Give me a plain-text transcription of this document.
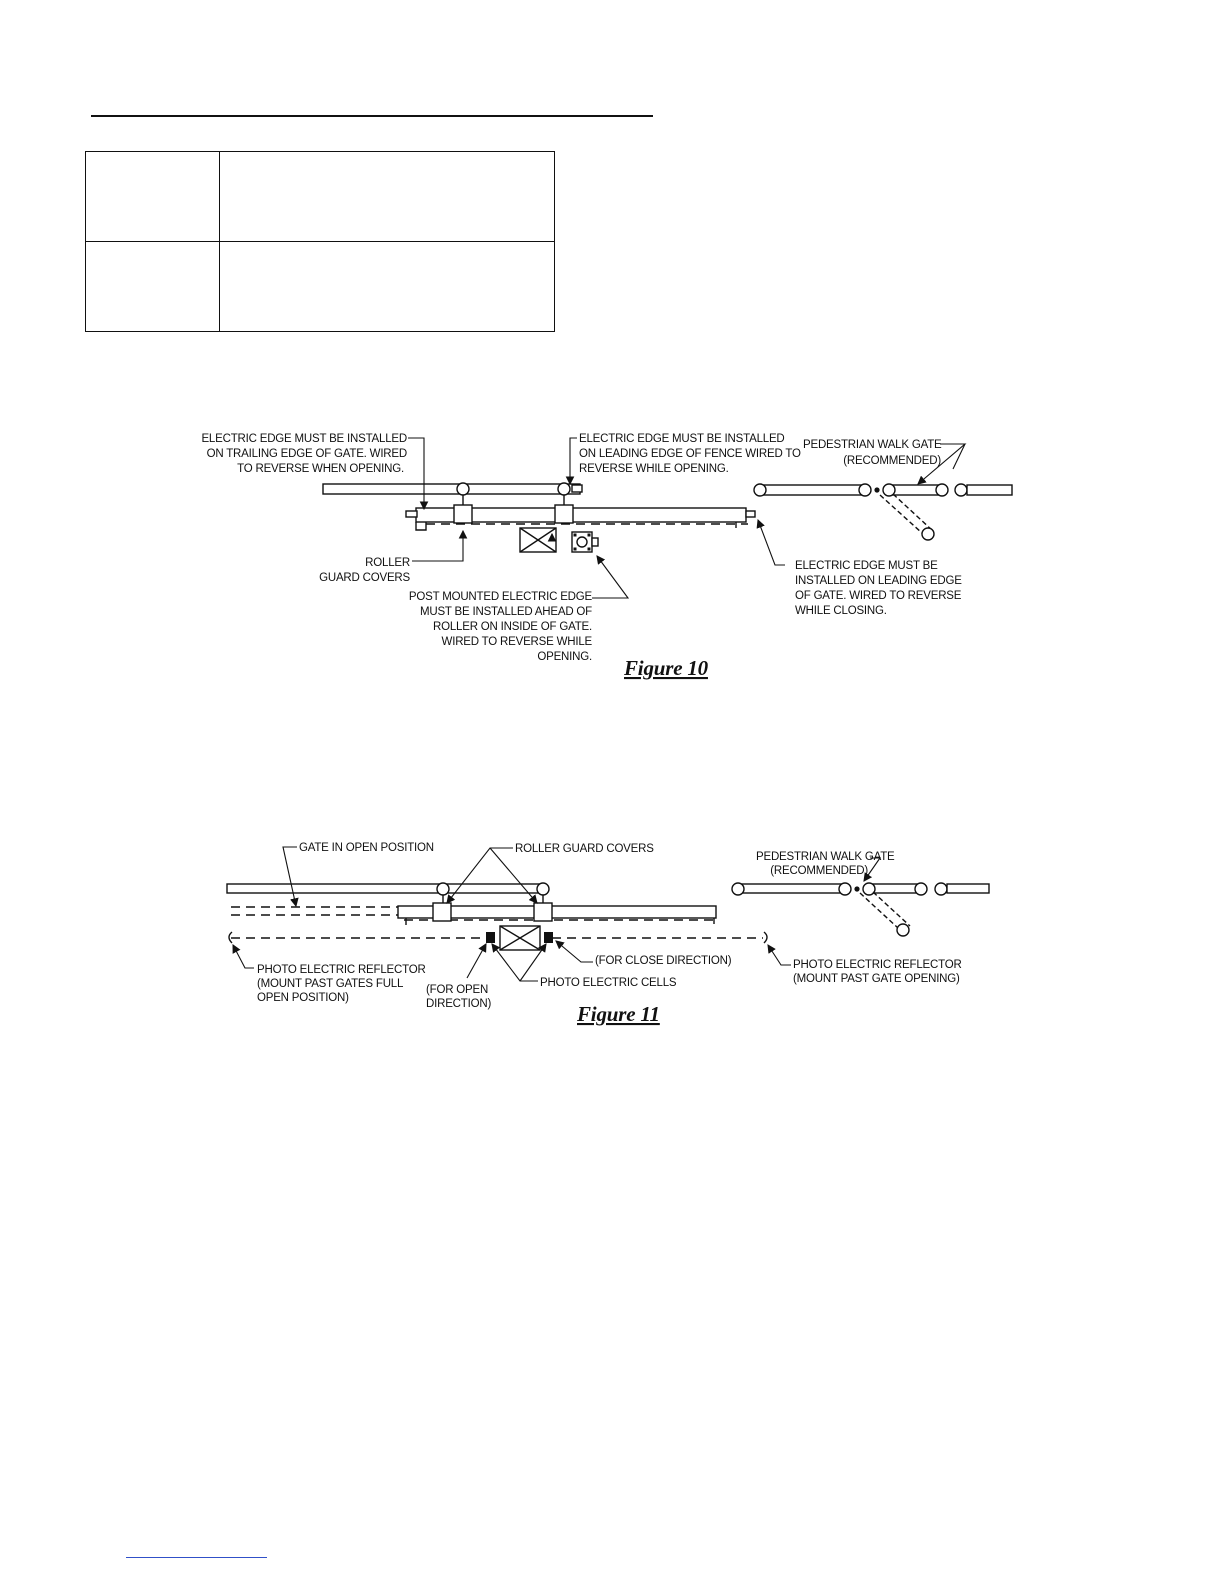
ELECTRIC EDGE MUST BE INSTALLED
ON TRAILING EDGE OF GATE. WIRED
TO REVERSE WHEN OPENING.
ELECTRIC EDGE MUST BE INSTALLED
ON LEADING EDGE OF FENCE WIRED TO
REVERSE WHILE OPENING.
PEDESTRIAN WALK GATE
(RECOMMENDED)
ROLLER
GUARD COVERS
POST MOUNTED ELECTRIC EDGE
MUST BE INSTALLED AHEAD OF
ROLLER ON INSIDE OF GATE.
WIRED TO REVERSE WHILE
OPENING.
ELECTRIC EDGE MUST BE
INSTALLED ON LEADING EDGE
OF GATE. WIRED TO REVERSE
WHILE CLOSING.
Figure 10
GATE IN OPEN POSITION	ROLLER GUARD COVERS
PEDESTRIAN WALK GATE
(RECOMMENDED)
(FOR CLOSE DIRECTION)
PHOTO ELECTRIC CELLS
(FOR OPEN
DIRECTION)
PHOTO ELECTRIC REFLECTOR
(MOUNT PAST GATES FULL
OPEN POSITION)
PHOTO ELECTRIC REFLECTOR
(MOUNT PAST GATE OPENING)
Figure 11
